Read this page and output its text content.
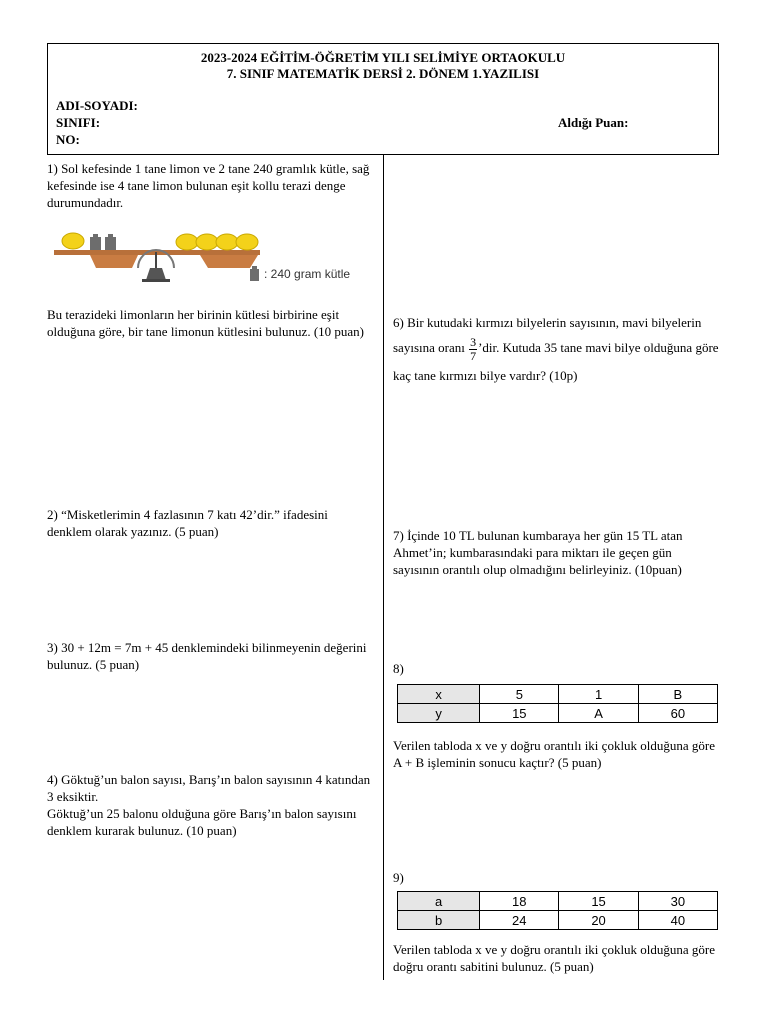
2023-2024 EĞİTİM-ÖĞRETİM YILI SELİMİYE ORTAOKULU
7. SINIF MATEMATİK DERSİ 2. DÖNEM 1.YAZILISI
ADI-SOYADI:
SINIFI:
NO:
Aldığı Puan:

1) Sol kefesinde 1 tane limon ve 2 tane 240 gramlık kütle, sağ kefesinde ise 4 tane limon bulunan eşit kollu terazi denge durumundadır.

: 240 gram kütle

Bu terazideki limonların her birinin kütlesi birbirine eşit olduğuna göre, bir tane limonun kütlesini bulunuz. (10 puan)

2) “Misketlerimin 4 fazlasının 7 katı 42’dir.” ifadesini denklem olarak yazınız. (5 puan)

3) 30 + 12m = 7m + 45 denklemindeki bilinmeyenin değerini bulunuz. (5 puan)

4) Göktuğ’un balon sayısı, Barış’ın balon sayısının 4 katından 3 eksiktir.

Göktuğ’un 25 balonu olduğuna göre Barış’ın balon sayısını denklem kurarak bulunuz. (10 puan)

6) Bir kutudaki kırmızı bilyelerin sayısının, mavi bilyelerin sayısına oranı $\frac{3}{7}$ ’dir. Kutuda 35 tane mavi bilye olduğuna göre kaç tane kırmızı bilye vardır? (10p)

7) İçinde 10 TL bulunan kumbaraya her gün 15 TL atan Ahmet’in; kumbarasındaki para miktarı ile geçen gün sayısının orantılı olup olmadığını belirleyiniz. (10puan)

8)
x	5	1	B
y	15	A	60

Verilen tabloda x ve y doğru orantılı iki çokluk olduğuna göre A + B işleminin sonucu kaçtır? (5 puan)

9)
a	18	15	30
b	24	20	40

Verilen tabloda x ve y doğru orantılı iki çokluk olduğuna göre doğru orantı sabitini bulunuz. (5 puan)
